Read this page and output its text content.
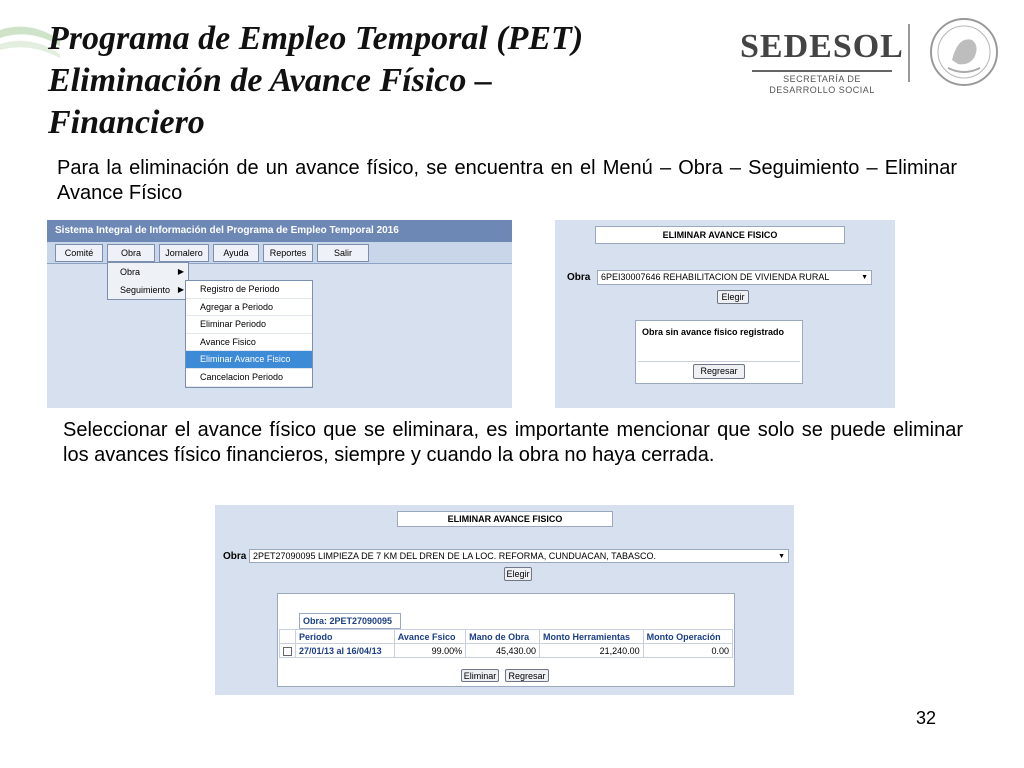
Programa de Empleo Temporal (PET)
Eliminación de Avance Físico –
Financiero
SEDESOL
SECRETARÍA DE
DESARROLLO SOCIAL
Para la eliminación de un avance físico, se encuentra en el Menú – Obra – Seguimiento – Eliminar Avance Físico
Sistema Integral de Información del Programa de Empleo Temporal 2016
Comité	Obra	Jornalero	Ayuda	Reportes	Salir
Obra	▶
Seguimiento ▶	Registro de Periodo
Agregar a Periodo
Eliminar Periodo
Avance Fisico
Eliminar Avance Fisico
Cancelacion Periodo
ELIMINAR AVANCE FISICO
Obra	6PEI30007646 REHABILITACION DE VIVIENDA RURAL	▼
Elegir
Obra sin avance fisico registrado
Regresar
Seleccionar el avance físico que se eliminara, es importante mencionar que solo se puede eliminar los avances físico financieros, siempre y cuando la obra no haya cerrada.
ELIMINAR AVANCE FISICO
Obra 2PET27090095 LIMPIEZA DE 7 KM DEL DREN DE LA LOC. REFORMA, CUNDUACAN, TABASCO.	▼
Elegir
Obra: 2PET27090095
	Periodo	Avance Fsico	Mano de Obra	Monto Herramientas	Monto Operación
	27/01/13 al 16/04/13	99.00%	45,430.00	21,240.00	0.00
Eliminar	Regresar
32
